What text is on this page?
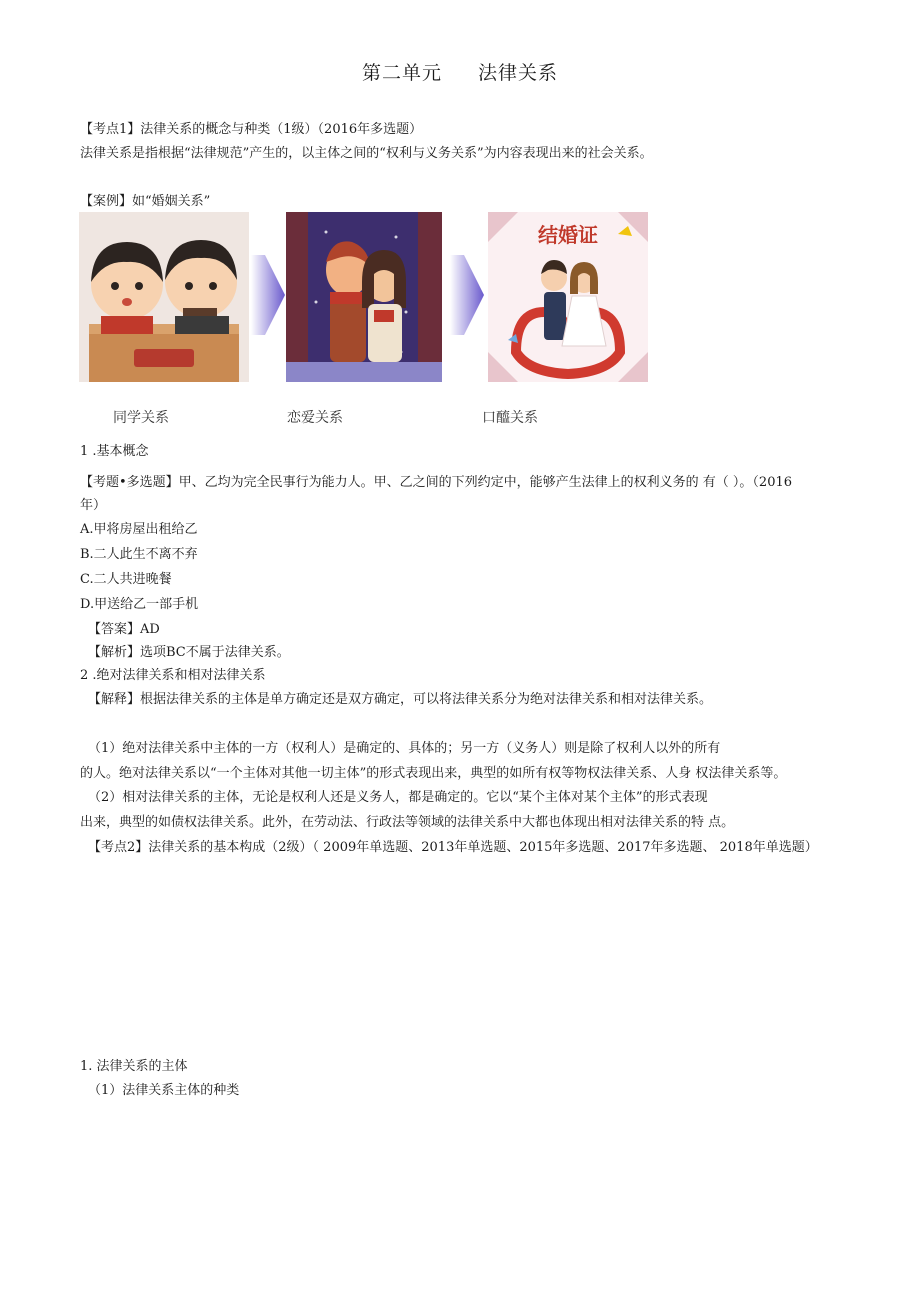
第二单元 法律关系
【考点1】法律关系的概念与种类（1级）（2016年多选题）
法律关系是指根据“法律规范”产生的，以主体之间的“权利与义务关系”为内容表现出来的社会关系。
【案例】如“婚姻关系”
结婚证
同学关系	恋爱关系	口醯关系
1 .基本概念
【考题•多选题】甲、乙均为完全民事行为能力人。甲、乙之间的下列约定中，能够产生法律上的权利义务的 有（ ）。（2016
年）
A.甲将房屋出租给乙
B.二人此生不离不弃
C.二人共进晚餐
D.甲送给乙一部手机
【答案】AD
【解析】选项BC不属于法律关系。
2 .绝对法律关系和相对法律关系
【解释】根据法律关系的主体是单方确定还是双方确定，可以将法律关系分为绝对法律关系和相对法律关系。
（1）绝对法律关系中主体的一方（权利人）是确定的、具体的；另一方（义务人）则是除了权利人以外的所有
的人。绝对法律关系以“一个主体对其他一切主体”的形式表现出来，典型的如所有权等物权法律关系、人身 权法律关系等。
（2）相对法律关系的主体，无论是权利人还是义务人，都是确定的。它以“某个主体对某个主体”的形式表现
出来，典型的如债权法律关系。此外，在劳动法、行政法等领域的法律关系中大都也体现出相对法律关系的特 点。
【考点2】法律关系的基本构成（2级）（ 2009年单选题、2013年单选题、2015年多选题、2017年多选题、 2018年单选题）
1. 法律关系的主体
（1）法律关系主体的种类
